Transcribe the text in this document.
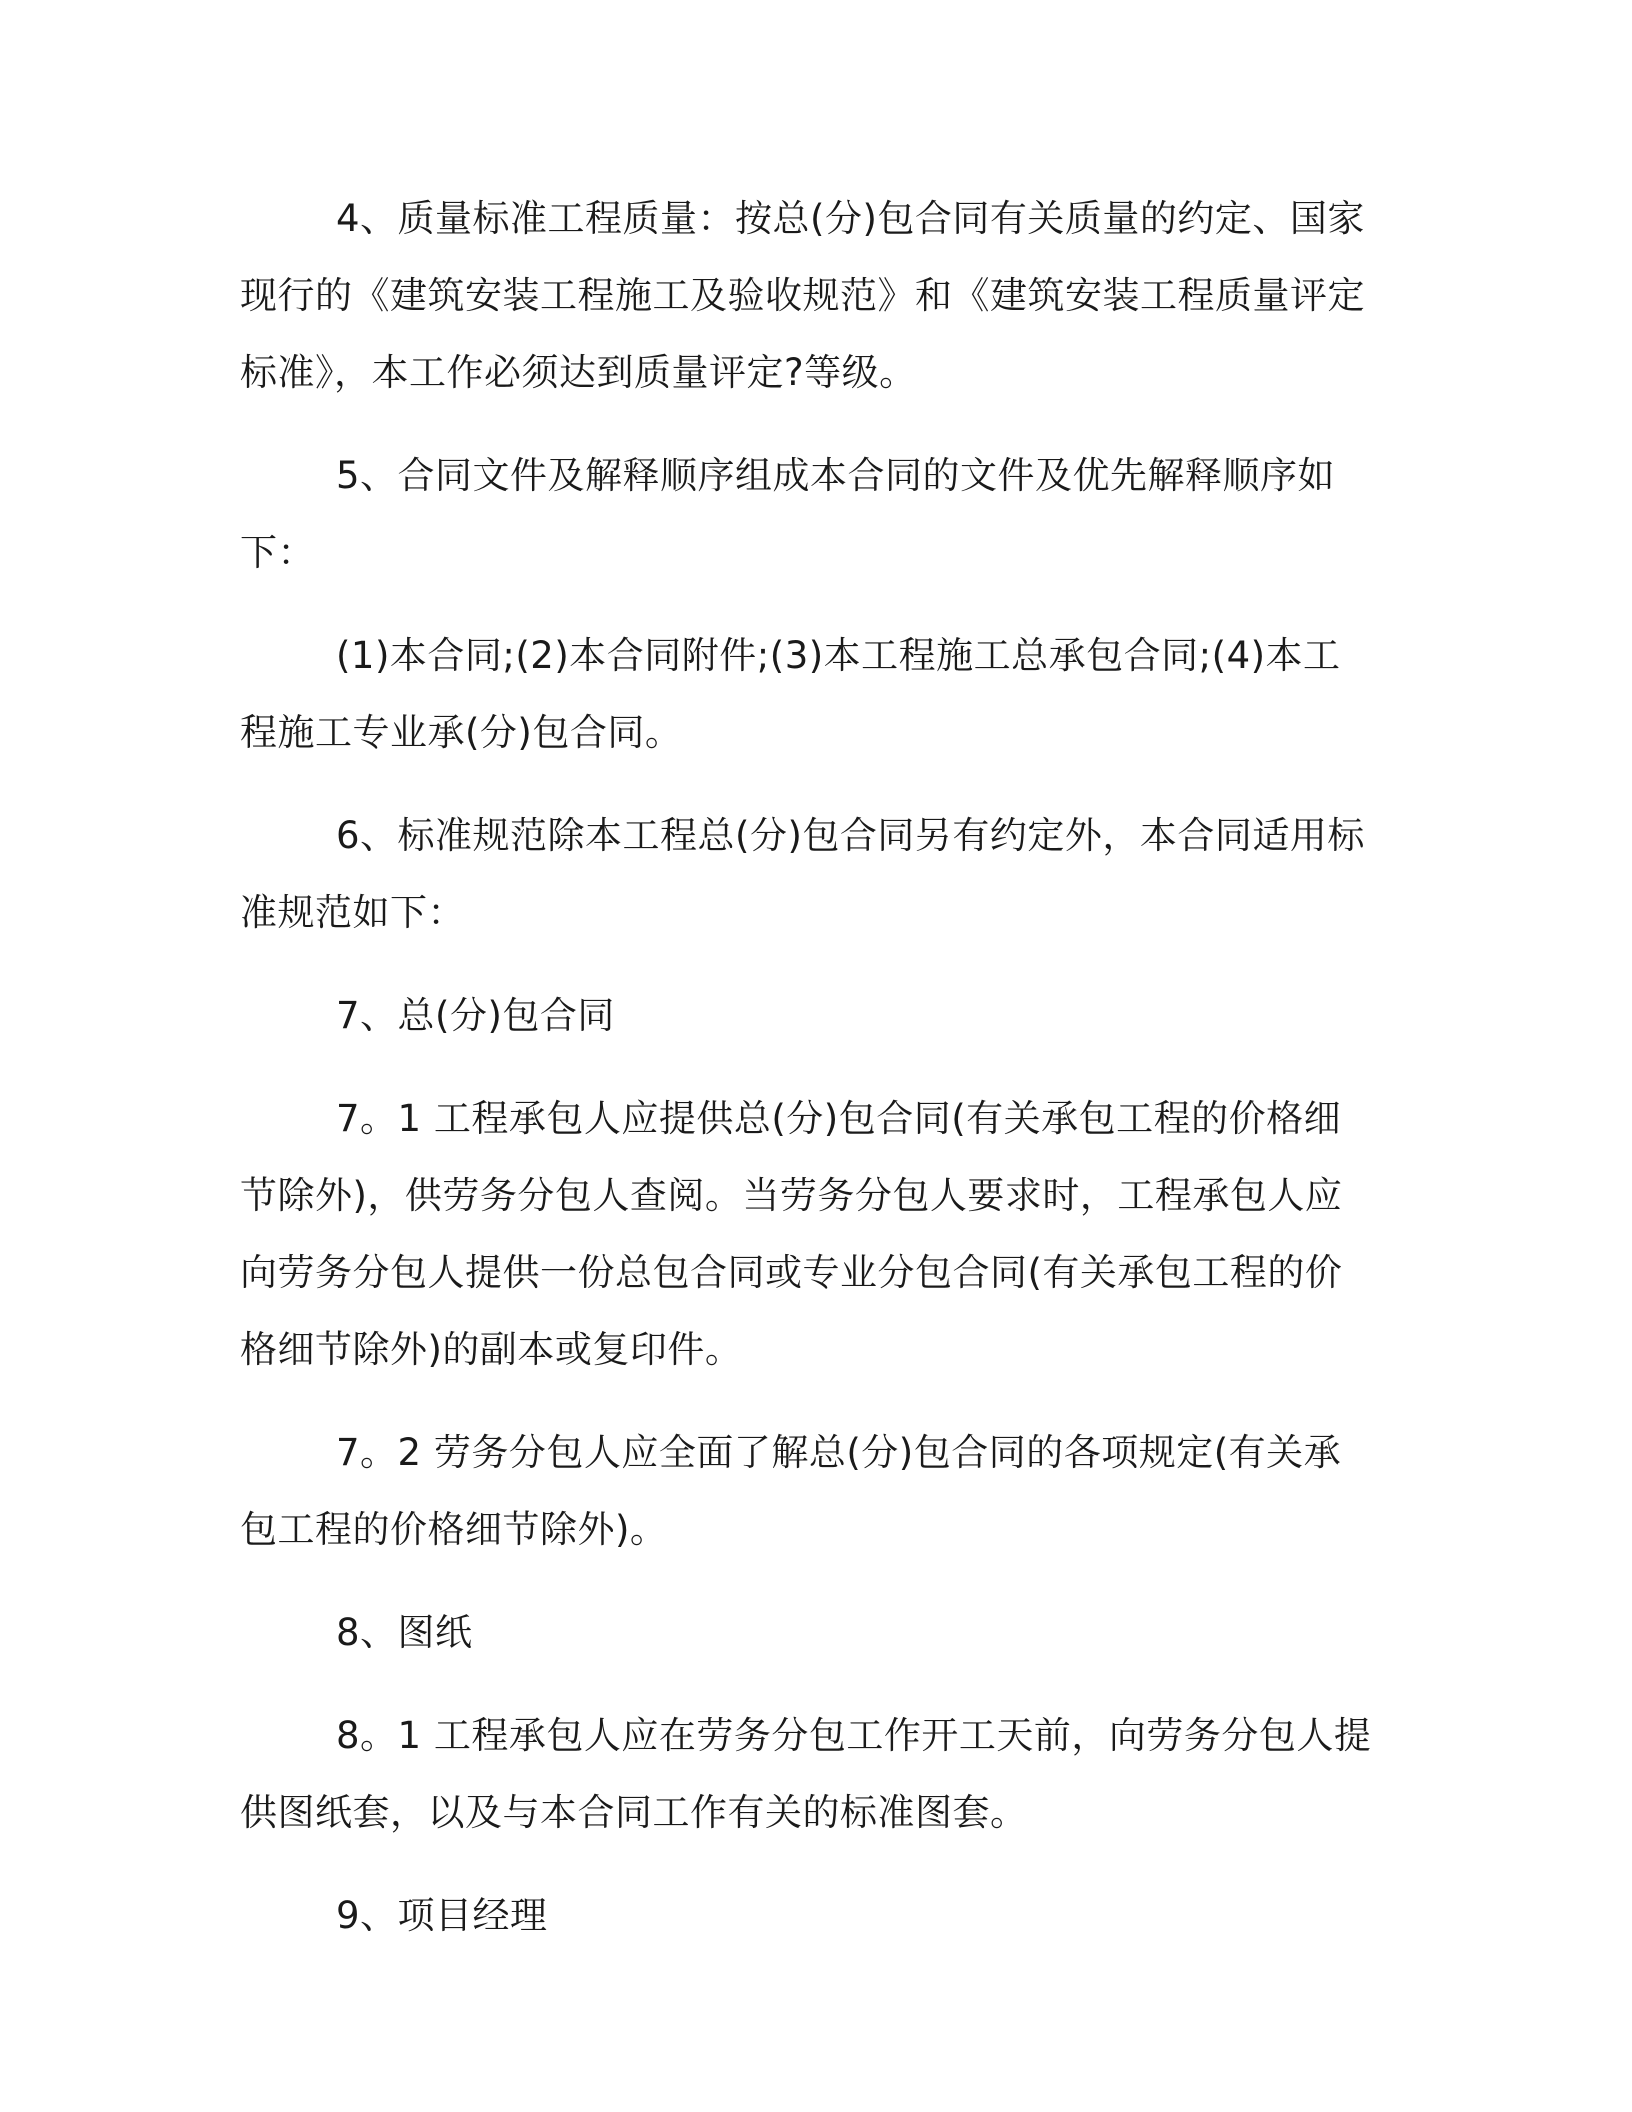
4、质量标准工程质量：按总(分)包合同有关质量的约定、国家现行的《建筑安装工程施工及验收规范》和《建筑安装工程质量评定标准》，本工作必须达到质量评定?等级。

5、合同文件及解释顺序组成本合同的文件及优先解释顺序如下：

(1)本合同;(2)本合同附件;(3)本工程施工总承包合同;(4)本工程施工专业承(分)包合同。

6、标准规范除本工程总(分)包合同另有约定外，本合同适用标准规范如下：

7、总(分)包合同

7。1 工程承包人应提供总(分)包合同(有关承包工程的价格细节除外)，供劳务分包人查阅。当劳务分包人要求时，工程承包人应向劳务分包人提供一份总包合同或专业分包合同(有关承包工程的价格细节除外)的副本或复印件。

7。2 劳务分包人应全面了解总(分)包合同的各项规定(有关承包工程的价格细节除外)。

8、图纸

8。1 工程承包人应在劳务分包工作开工天前，向劳务分包人提供图纸套，以及与本合同工作有关的标准图套。

9、项目经理
